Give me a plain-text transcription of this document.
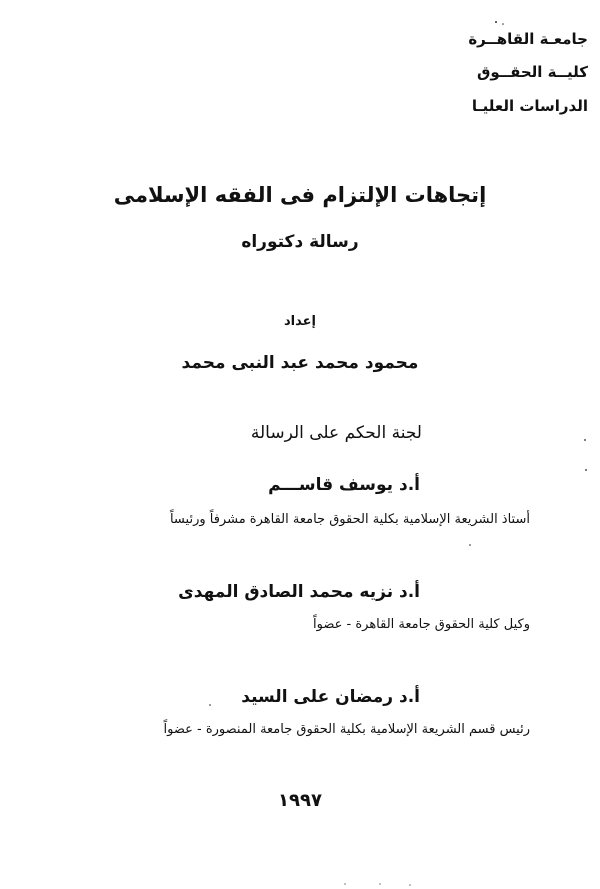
جامعـة القاهــرة
كليــة الحقــوق
الدراسات العليـا
إتجاهات الإلتزام فى الفقه الإسلامى
رسالة دكتوراه
إعداد
محمود محمد عبد النبى محمد
لجنة الحكم على الرسالة
أ.د يوسف قاســـم
أستاذ الشريعة الإسلامية بكلية الحقوق جامعة القاهرة مشرفاً ورئيساً
أ.د نزيه محمد الصادق المهدى
وكيل كلية الحقوق جامعة القاهرة - عضواً
أ.د رمضان على السيد
رئيس قسم الشريعة الإسلامية بكلية الحقوق جامعة المنصورة - عضواً
١٩٩٧
